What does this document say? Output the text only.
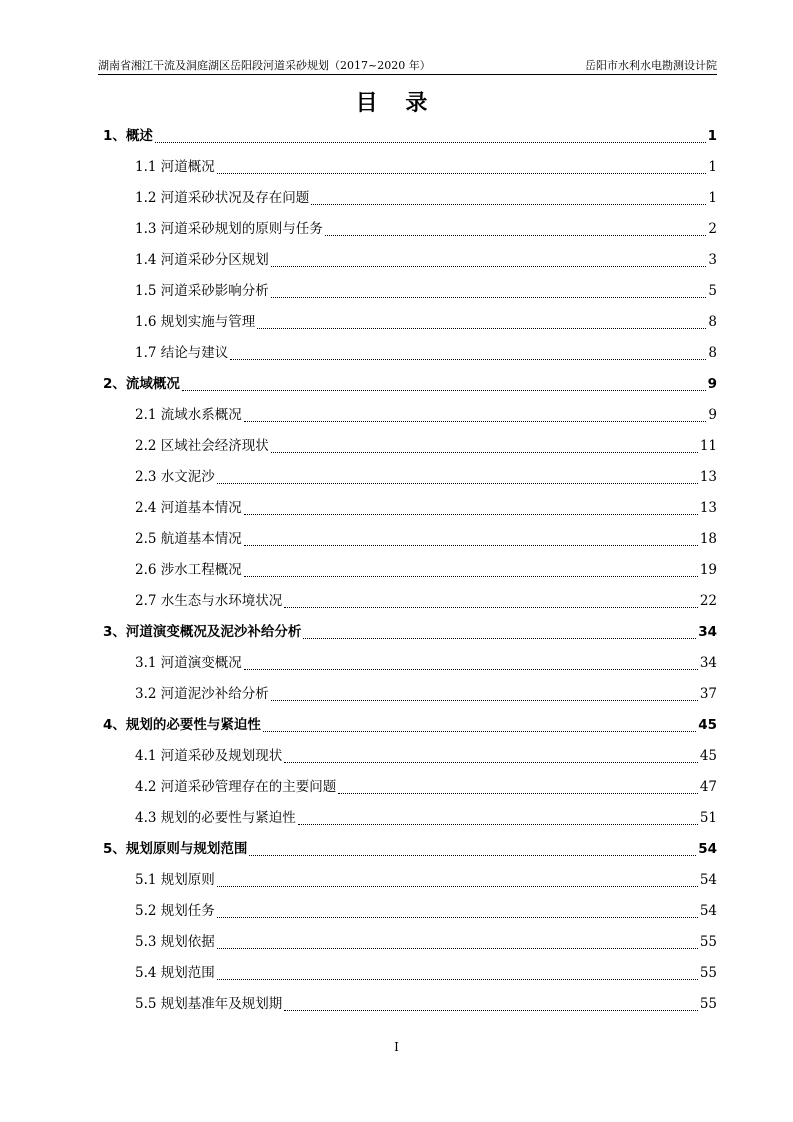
湖南省湘江干流及洞庭湖区岳阳段河道采砂规划（2017~2020 年）	岳阳市水利水电勘测设计院
目 录
1、概述	1
1.1 河道概况	1
1.2 河道采砂状况及存在问题	1
1.3 河道采砂规划的原则与任务	2
1.4 河道采砂分区规划	3
1.5 河道采砂影响分析	5
1.6 规划实施与管理	8
1.7 结论与建议	8
2、流域概况	9
2.1 流域水系概况	9
2.2 区域社会经济现状	11
2.3 水文泥沙	13
2.4 河道基本情况	13
2.5 航道基本情况	18
2.6 涉水工程概况	19
2.7 水生态与水环境状况	22
3、河道演变概况及泥沙补给分析	34
3.1 河道演变概况	34
3.2 河道泥沙补给分析	37
4、规划的必要性与紧迫性	45
4.1 河道采砂及规划现状	45
4.2 河道采砂管理存在的主要问题	47
4.3 规划的必要性与紧迫性	51
5、规划原则与规划范围	54
5.1 规划原则	54
5.2 规划任务	54
5.3 规划依据	55
5.4 规划范围	55
5.5 规划基准年及规划期	55
I
